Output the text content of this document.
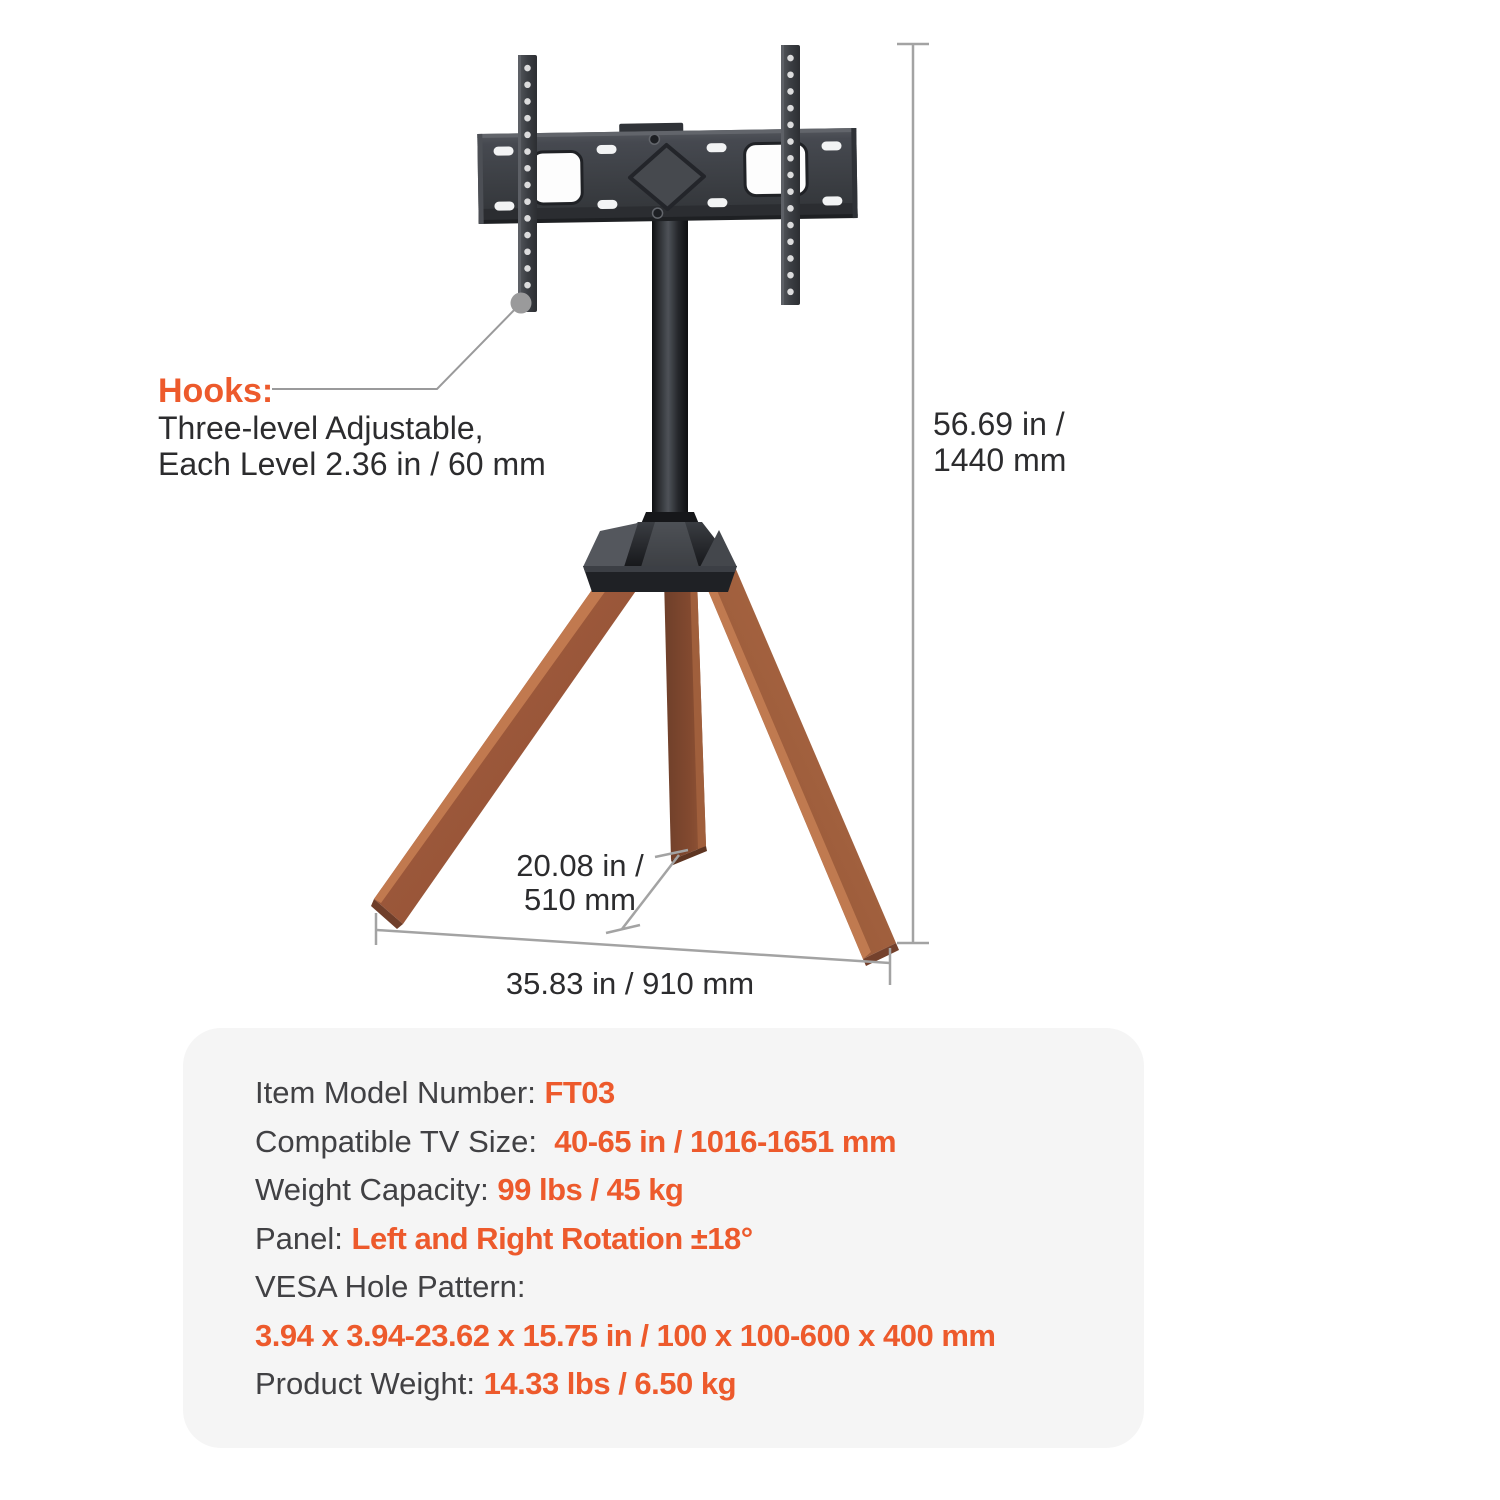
Hooks:
Three-level Adjustable,
Each Level 2.36 in / 60 mm
56.69 in /
1440 mm
20.08 in /
510 mm
35.83 in / 910 mm
Item Model Number: FT03
Compatible TV Size:  40-65 in / 1016-1651 mm
Weight Capacity: 99 lbs / 45 kg
Panel: Left and Right Rotation ±18°
VESA Hole Pattern:
3.94 x 3.94-23.62 x 15.75 in / 100 x 100-600 x 400 mm
Product Weight: 14.33 lbs / 6.50 kg
